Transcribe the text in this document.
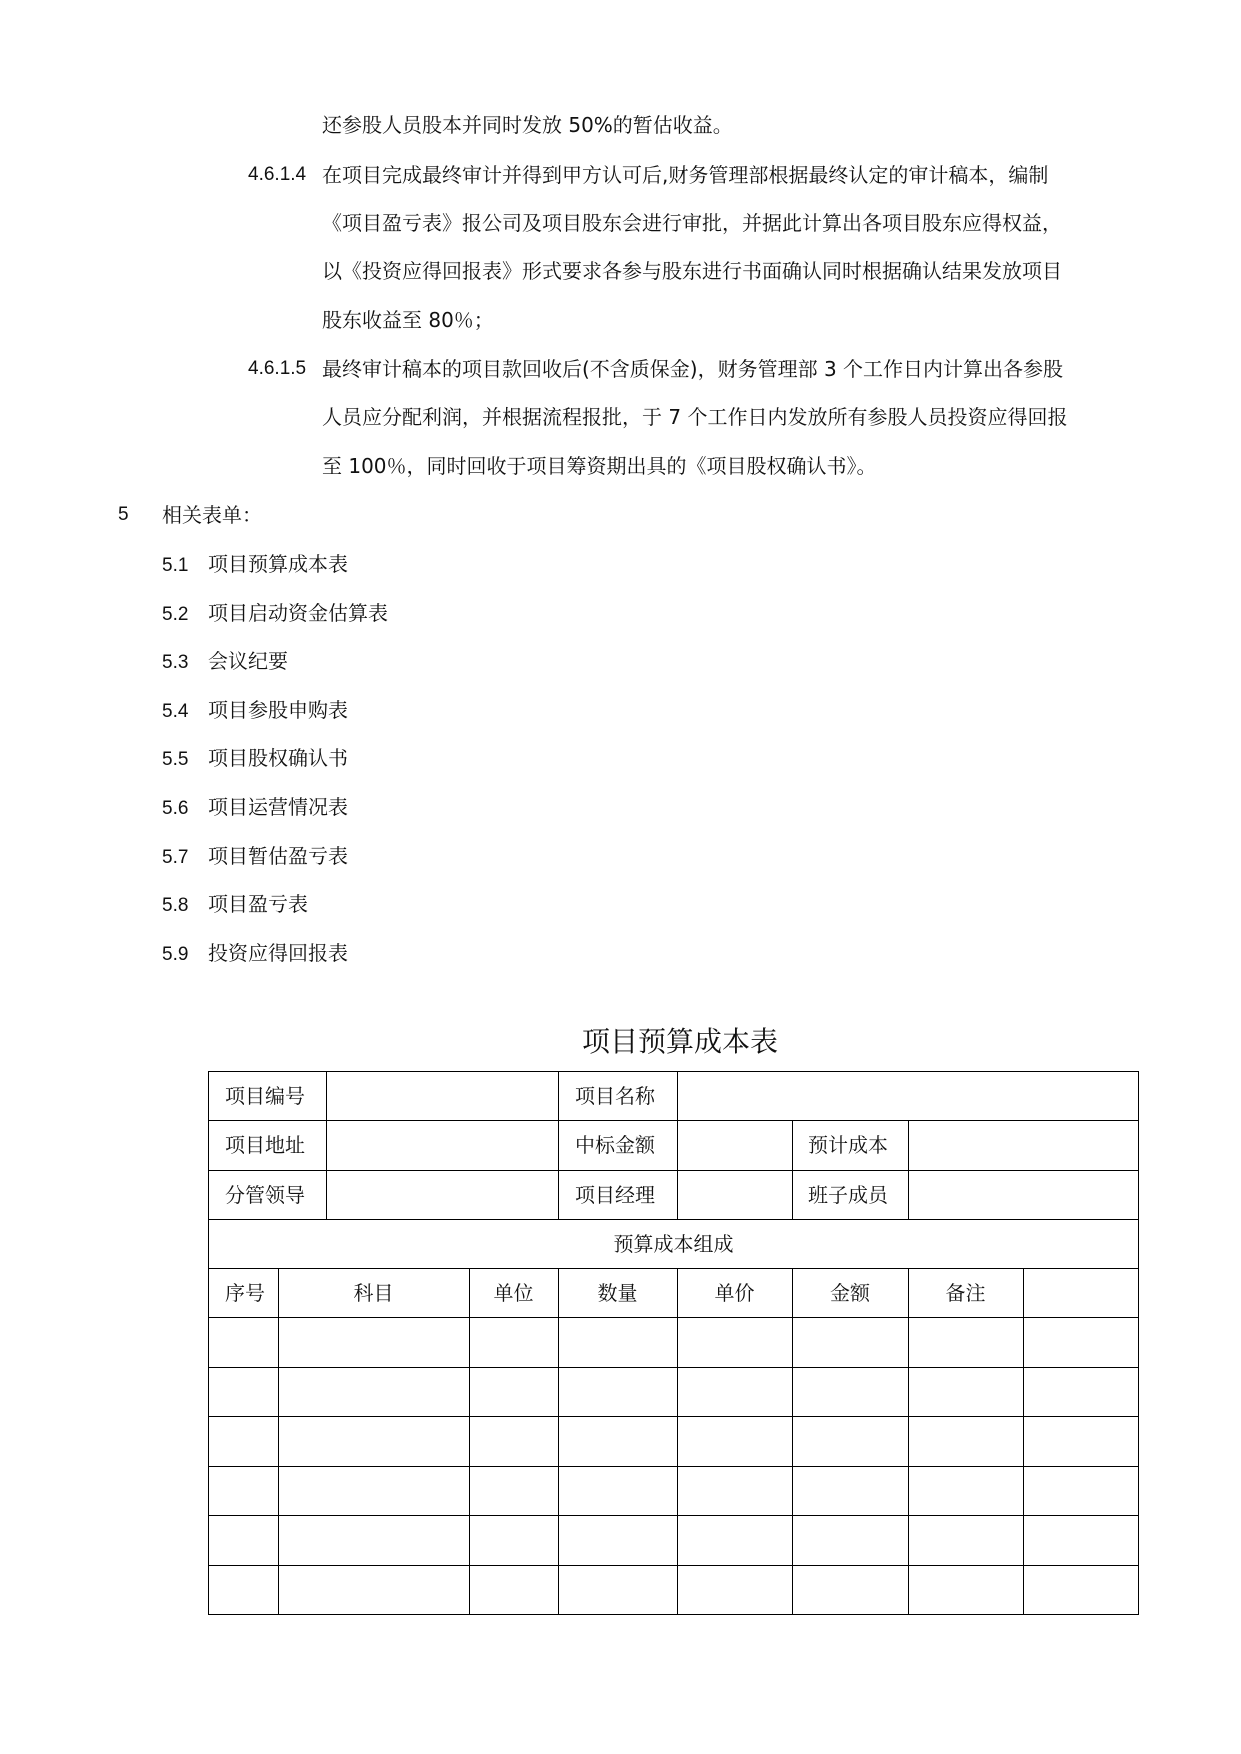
还参股人员股本并同时发放 50%的暂估收益。
4.6.1.4 在项目完成最终审计并得到甲方认可后,财务管理部根据最终认定的审计稿本，编制
《项目盈亏表》报公司及项目股东会进行审批，并据此计算出各项目股东应得权益，
以《投资应得回报表》形式要求各参与股东进行书面确认同时根据确认结果发放项目
股东收益至 80％；
4.6.1.5 最终审计稿本的项目款回收后(不含质保金)，财务管理部 3 个工作日内计算出各参股
人员应分配利润，并根据流程报批，于 7 个工作日内发放所有参股人员投资应得回报
至 100％，同时回收于项目筹资期出具的《项目股权确认书》。
5 相关表单：
5.1 项目预算成本表
5.2 项目启动资金估算表
5.3 会议纪要
5.4 项目参股申购表
5.5 项目股权确认书
5.6 项目运营情况表
5.7 项目暂估盈亏表
5.8 项目盈亏表
5.9 投资应得回报表
项目预算成本表
项目编号	项目名称
项目地址	中标金额	预计成本
分管领导	项目经理	班子成员
预算成本组成
序号	科目	单位	数量	单价	金额	备注
